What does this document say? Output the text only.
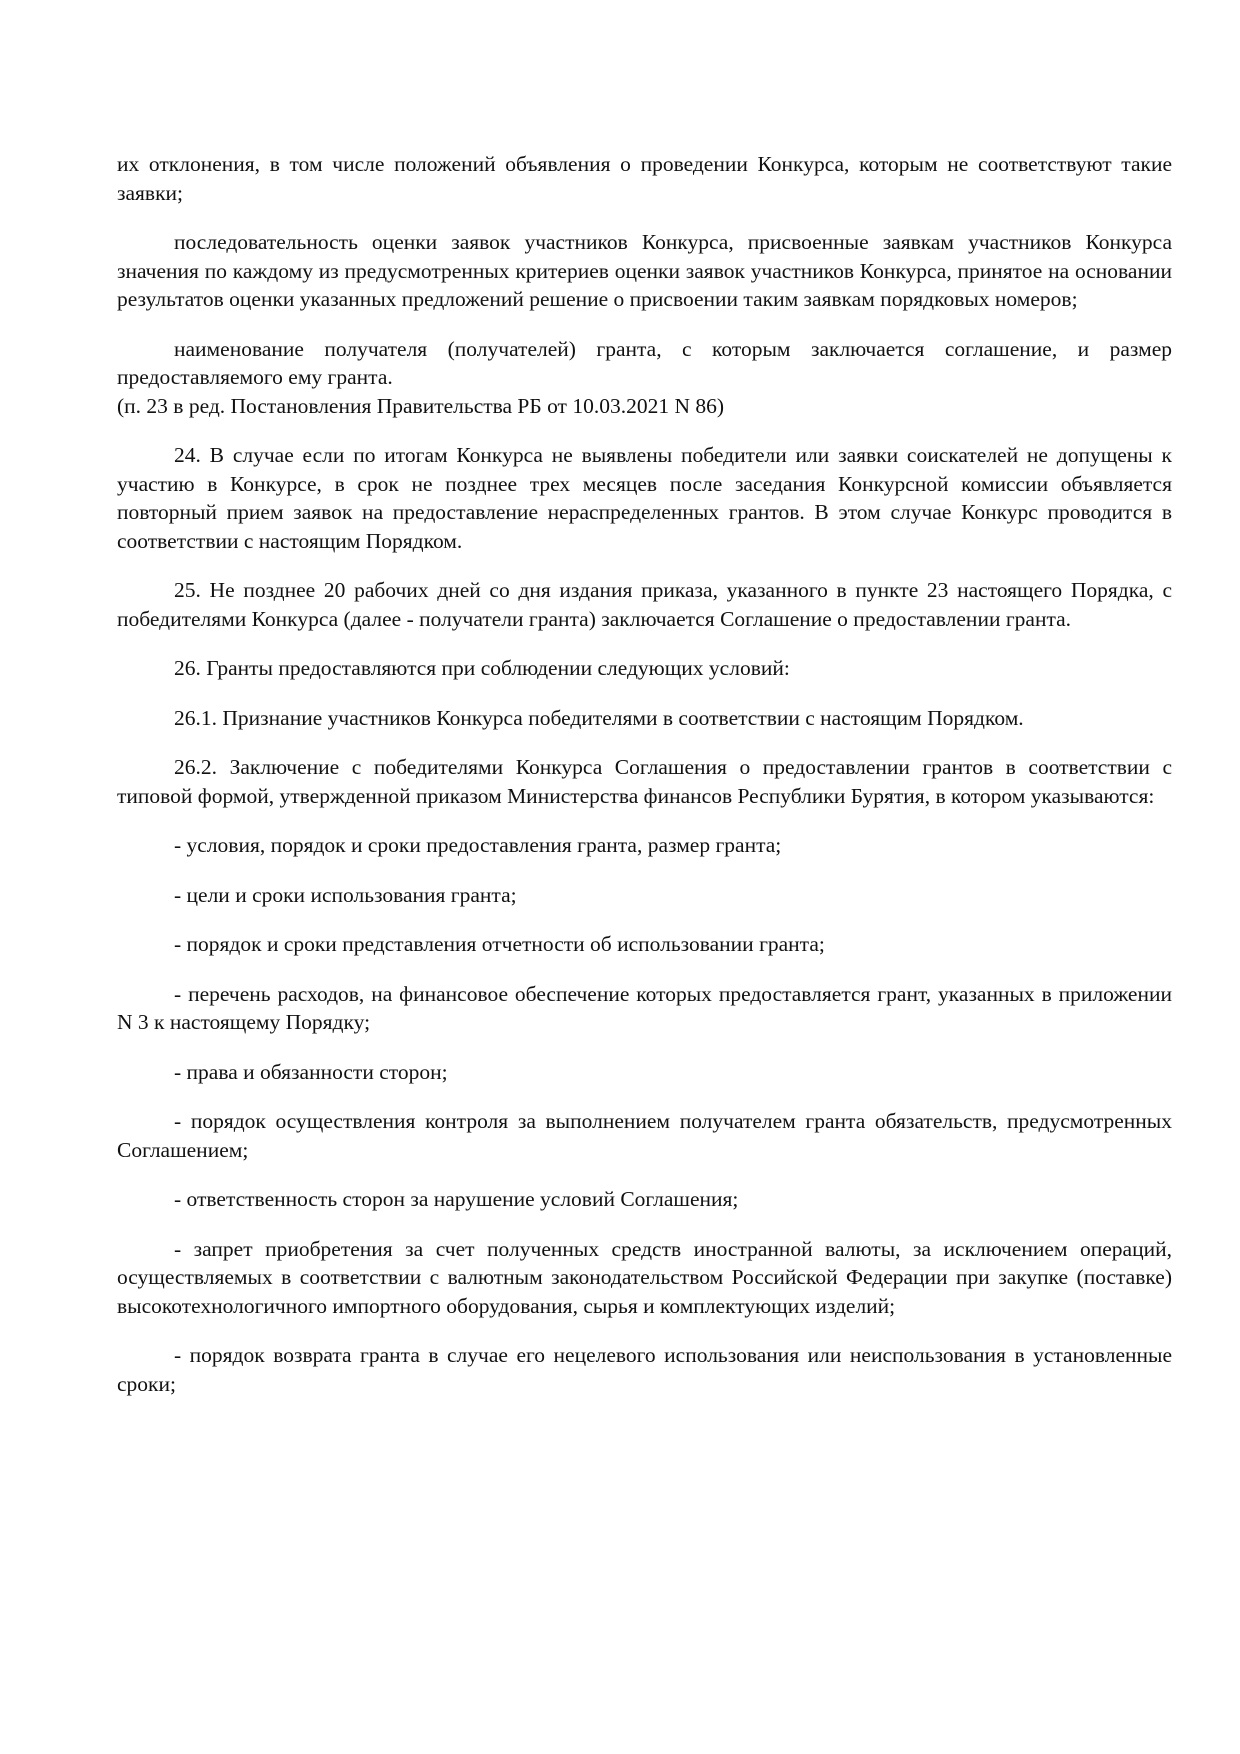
их отклонения, в том числе положений объявления о проведении Конкурса, которым не соответствуют такие заявки;

последовательность оценки заявок участников Конкурса, присвоенные заявкам участников Конкурса значения по каждому из предусмотренных критериев оценки заявок участников Конкурса, принятое на основании результатов оценки указанных предложений решение о присвоении таким заявкам порядковых номеров;

наименование получателя (получателей) гранта, с которым заключается соглашение, и размер предоставляемого ему гранта.

(п. 23 в ред. Постановления Правительства РБ от 10.03.2021 N 86)

24. В случае если по итогам Конкурса не выявлены победители или заявки соискателей не допущены к участию в Конкурсе, в срок не позднее трех месяцев после заседания Конкурсной комиссии объявляется повторный прием заявок на предоставление нераспределенных грантов. В этом случае Конкурс проводится в соответствии с настоящим Порядком.

25. Не позднее 20 рабочих дней со дня издания приказа, указанного в пункте 23 настоящего Порядка, с победителями Конкурса (далее - получатели гранта) заключается Соглашение о предоставлении гранта.

26. Гранты предоставляются при соблюдении следующих условий:

26.1. Признание участников Конкурса победителями в соответствии с настоящим Порядком.

26.2. Заключение с победителями Конкурса Соглашения о предоставлении грантов в соответствии с типовой формой, утвержденной приказом Министерства финансов Республики Бурятия, в котором указываются:

- условия, порядок и сроки предоставления гранта, размер гранта;

- цели и сроки использования гранта;

- порядок и сроки представления отчетности об использовании гранта;

- перечень расходов, на финансовое обеспечение которых предоставляется грант, указанных в приложении N 3 к настоящему Порядку;

- права и обязанности сторон;

- порядок осуществления контроля за выполнением получателем гранта обязательств, предусмотренных Соглашением;

- ответственность сторон за нарушение условий Соглашения;

- запрет приобретения за счет полученных средств иностранной валюты, за исключением операций, осуществляемых в соответствии с валютным законодательством Российской Федерации при закупке (поставке) высокотехнологичного импортного оборудования, сырья и комплектующих изделий;

- порядок возврата гранта в случае его нецелевого использования или неиспользования в установленные сроки;
